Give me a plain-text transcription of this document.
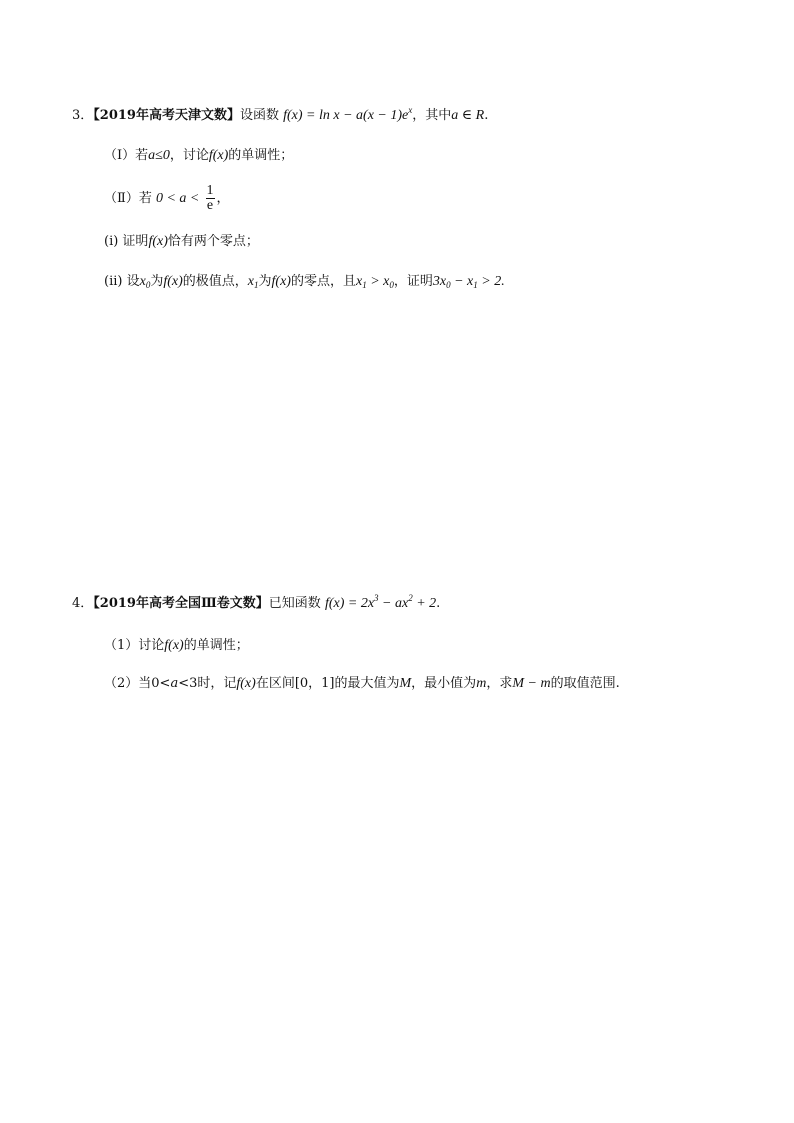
3．【2019年高考天津文数】设函数 $f(x) = \ln x - a(x - 1)e^x$，其中a ∈ R.
（Ⅰ）若a≤0，讨论f(x)的单调性；
（Ⅱ）若 $0 < a < \frac{1}{e}$ ，
(i) 证明f(x)恰有两个零点；
(ii) 设$x_0$为f(x)的极值点，$x_1$为f(x)的零点，且$x_1 > x_0$，证明$3x_0 - x_1 > 2$.
4．【2019年高考全国Ⅲ卷文数】已知函数 $f(x) = 2x^3 - ax^2 + 2$.
（1）讨论f(x)的单调性；
（2）当0<a<3时，记f(x)在区间[0，1]的最大值为M，最小值为m，求M − m的取值范围.
